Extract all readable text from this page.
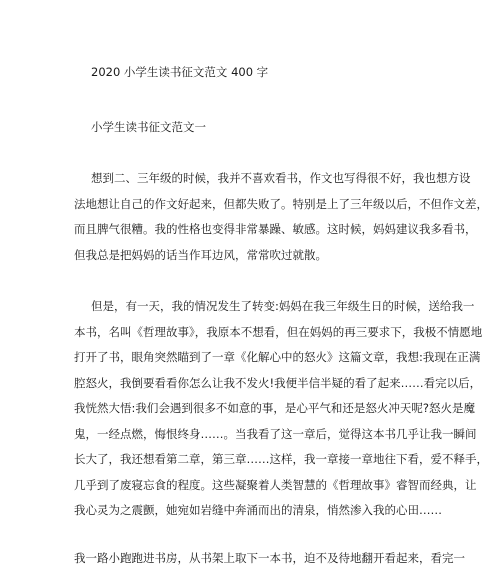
2020 小学生读书征文范文 400 字
小学生读书征文范文一
想到二、三年级的时候，我并不喜欢看书，作文也写得很不好，我也想方设
法地想让自己的作文好起来，但都失败了。特别是上了三年级以后，不但作文差，
而且脾气很糟。我的性格也变得非常暴躁、敏感。这时候，妈妈建议我多看书，
但我总是把妈妈的话当作耳边风，常常吹过就散。
但是，有一天，我的情况发生了转变:妈妈在我三年级生日的时候，送给我一
本书，名叫《哲理故事》，我原本不想看，但在妈妈的再三要求下，我极不情愿地
打开了书，眼角突然瞄到了一章《化解心中的怒火》这篇文章，我想:我现在正满
腔怒火，我倒要看看你怎么让我不发火!我便半信半疑的看了起来……看完以后，
我恍然大悟:我们会遇到很多不如意的事，是心平气和还是怒火冲天呢?怒火是魔
鬼，一经点燃，悔恨终身……。当我看了这一章后，觉得这本书几乎让我一瞬间
长大了，我还想看第二章，第三章……这样，我一章接一章地往下看，爱不释手，
几乎到了废寝忘食的程度。这些凝聚着人类智慧的《哲理故事》睿智而经典，让
我心灵为之震颤，她宛如岩缝中奔涌而出的清泉，悄然渗入我的心田……
我一路小跑跑进书房，从书架上取下一本书，迫不及待地翻开看起来，看完一
